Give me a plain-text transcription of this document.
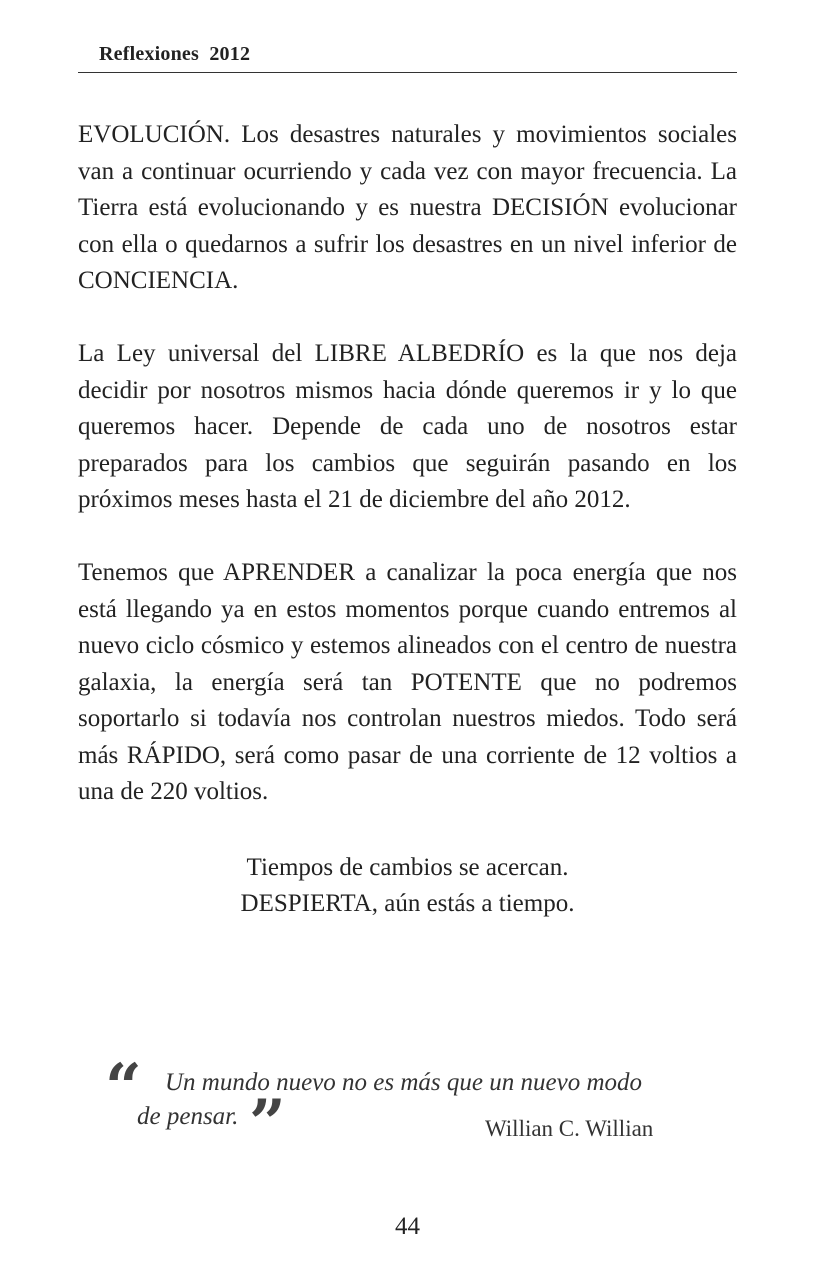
Reflexiones  2012

EVOLUCIÓN. Los desastres naturales y movimientos sociales van a continuar ocurriendo y cada vez con mayor frecuencia. La Tierra está evolucionando y es nuestra DECISIÓN evolucionar con ella o quedarnos a sufrir los desastres en un nivel inferior de CONCIENCIA.

La Ley universal del LIBRE ALBEDRÍO es la que nos deja decidir por nosotros mismos hacia dónde queremos ir y lo que queremos hacer. Depende de cada uno de nosotros estar preparados para los cambios que seguirán pasando en los próximos meses hasta el 21 de diciembre del año 2012.

Tenemos que APRENDER a canalizar la poca energía que nos está llegando ya en estos momentos porque cuando entremos al nuevo ciclo cósmico y estemos alineados con el centro de nuestra galaxia, la energía será tan POTENTE que no podremos soportarlo si todavía nos controlan nuestros miedos. Todo será más RÁPIDO, será como pasar de una corriente de 12 voltios a una de 220 voltios.

Tiempos de cambios se acercan.
DESPIERTA, aún estás a tiempo.
“ Un mundo nuevo no es más que un nuevo modo
de pensar. ”	Willian C. Willian
44
